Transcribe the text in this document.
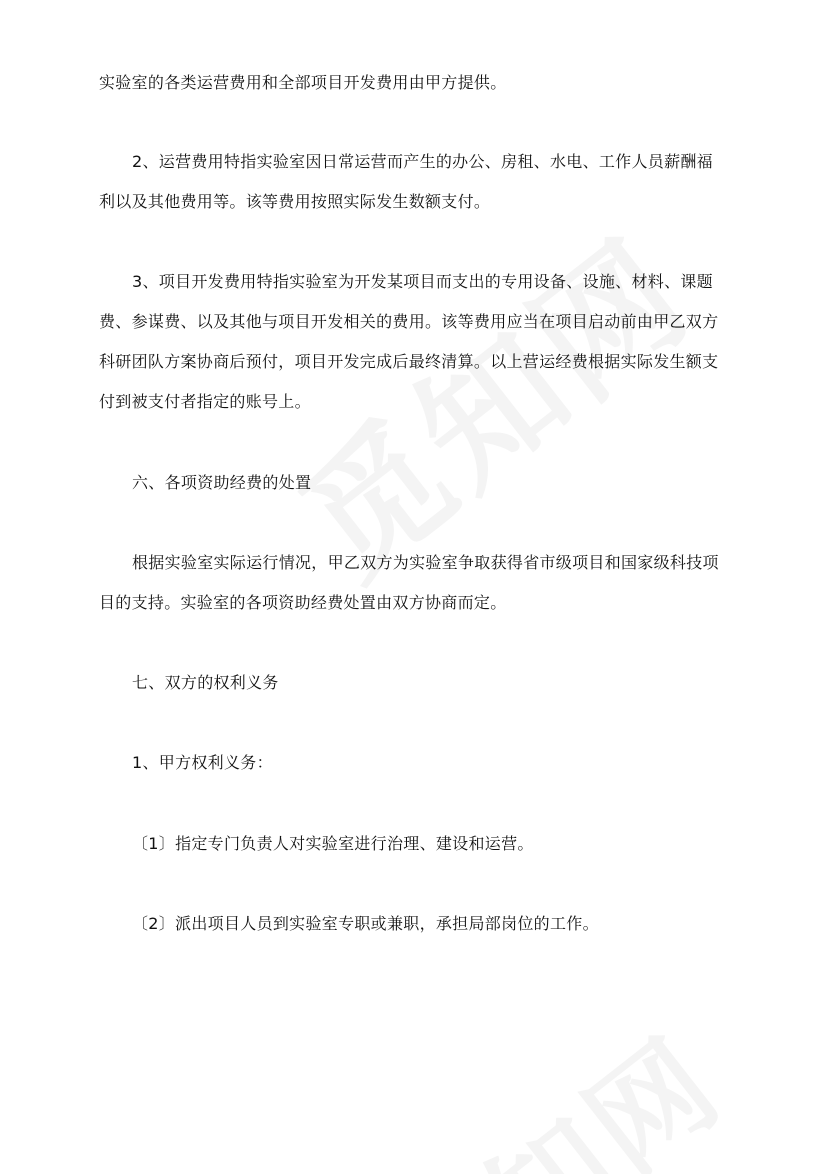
实验室的各类运营费用和全部项目开发费用由甲方提供。
2、运营费用特指实验室因日常运营而产生的办公、房租、水电、工作人员薪酬福
利以及其他费用等。该等费用按照实际发生数额支付。
3、项目开发费用特指实验室为开发某项目而支出的专用设备、设施、材料、课题
费、参谋费、以及其他与项目开发相关的费用。该等费用应当在项目启动前由甲乙双方
科研团队方案协商后预付，项目开发完成后最终清算。以上营运经费根据实际发生额支
付到被支付者指定的账号上。
六、各项资助经费的处置
根据实验室实际运行情况，甲乙双方为实验室争取获得省市级项目和国家级科技项
目的支持。实验室的各项资助经费处置由双方协商而定。
七、双方的权利义务
1、甲方权利义务：
〔1〕指定专门负责人对实验室进行治理、建设和运营。
〔2〕派出项目人员到实验室专职或兼职，承担局部岗位的工作。
